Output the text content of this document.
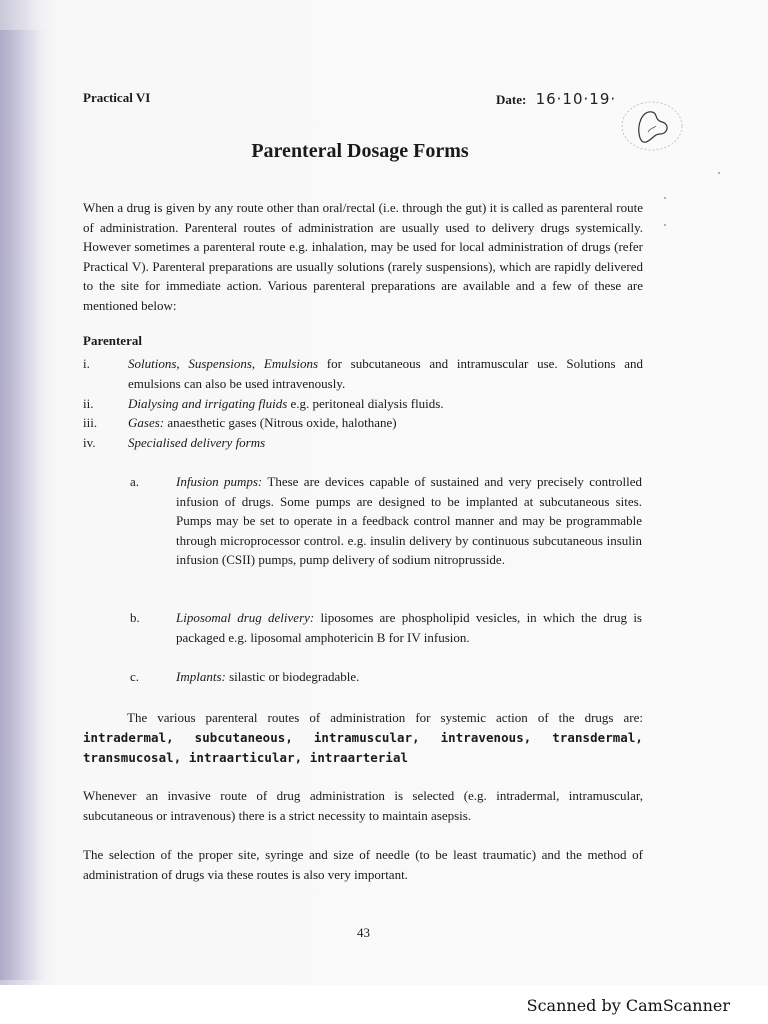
Practical VI	Date: 16·10·19·
Parenteral Dosage Forms
When a drug is given by any route other than oral/rectal (i.e. through the gut) it is called as parenteral route of administration. Parenteral routes of administration are usually used to delivery drugs systemically. However sometimes a parenteral route e.g. inhalation, may be used for local administration of drugs (refer Practical V). Parenteral preparations are usually solutions (rarely suspensions), which are rapidly delivered to the site for immediate action. Various parenteral preparations are available and a few of these are mentioned below:
Parenteral
i.	Solutions, Suspensions, Emulsions for subcutaneous and intramuscular use. Solutions and emulsions can also be used intravenously.
ii.	Dialysing and irrigating fluids e.g. peritoneal dialysis fluids.
iii. Gases: anaesthetic gases (Nitrous oxide, halothane)
iv. Specialised delivery forms
a.	Infusion pumps: These are devices capable of sustained and very precisely controlled infusion of drugs. Some pumps are designed to be implanted at subcutaneous sites. Pumps may be set to operate in a feedback control manner and may be programmable through microprocessor control. e.g. insulin delivery by continuous subcutaneous insulin infusion (CSII) pumps, pump delivery of sodium nitroprusside.
b.	Liposomal drug delivery: liposomes are phospholipid vesicles, in which the drug is packaged e.g. liposomal amphotericin B for IV infusion.
c.	Implants: silastic or biodegradable.
The various parenteral routes of administration for systemic action of the drugs are: intradermal, subcutaneous, intramuscular, intravenous, transdermal, transmucosal, intraarticular, intraarterial
Whenever an invasive route of drug administration is selected (e.g. intradermal, intramuscular, subcutaneous or intravenous) there is a strict necessity to maintain asepsis.
The selection of the proper site, syringe and size of needle (to be least traumatic) and the method of administration of drugs via these routes is also very important.
43
Scanned by CamScanner
